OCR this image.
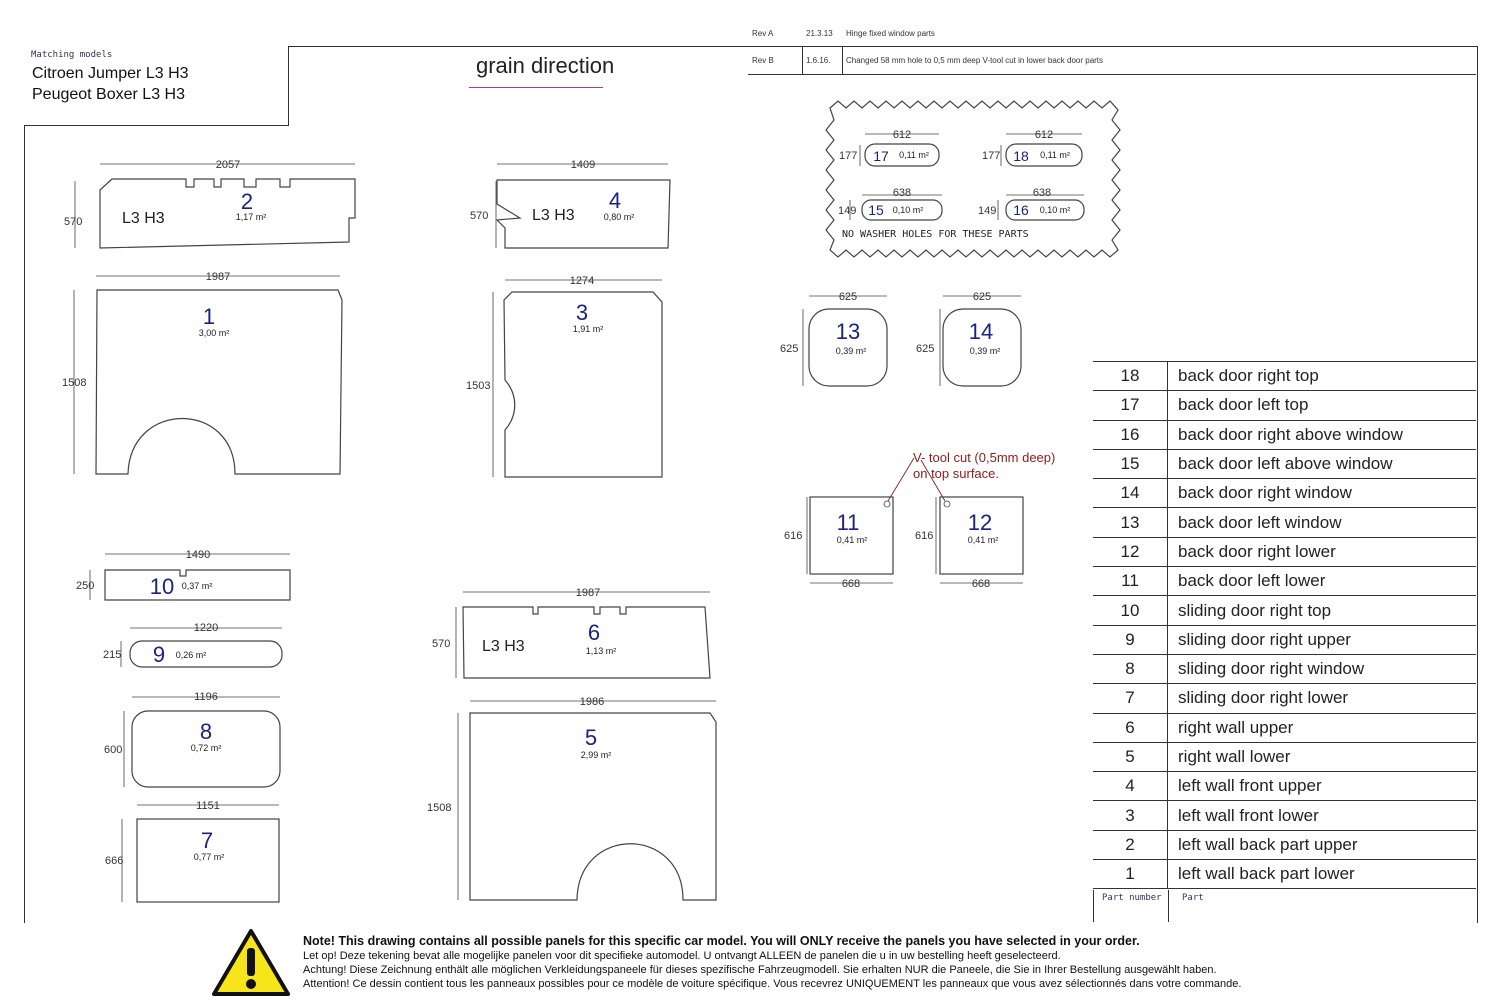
Matching models
Citroen Jumper L3 H3
Peugeot Boxer L3 H3
grain direction
Rev A	21.3.13 Hinge fixed window parts
Rev B	1.6.16. Changed 58 mm hole to 0,5 mm deep V-tool cut in lower back door parts
2057
570 L3 H3
2
1,17 m²
1409
570	L3 H3
4
0,80 m²
1987
1508
1
3,00 m²
1274
1503
3
1,91 m²
1490
250	10 0,37 m²
1220
215 9 0,26 m²
1196
600
8
0,72 m²
1151
666
7
0,77 m²
1987
570 L3 H3
6
1,13 m²
1986
1508
5
2,99 m²
NO WASHER HOLES FOR THESE PARTS
612
177 17 0,11 m²
612
177 18 0,11 m²
638
149 15 0,10 m²
638
149 16 0,10 m²
625
625
13
0,39 m²
625
625
14
0,39 m²
V- tool cut (0,5mm deep)
on top surface.
668
616
11
0,41 m²
668
616
12
0,41 m²
18	back door right top
17	back door left top
16	back door right above window
15	back door left above window
14	back door right window
13	back door left window
12	back door right lower
11	back door left lower
10	sliding door right top
9	sliding door right upper
8	sliding door right window
7	sliding door right lower
6	right wall upper
5	right wall lower
4	left wall front upper
3	left wall front lower
2	left wall back part upper
1	left wall back part lower
Part number Part
Note! This drawing contains all possible panels for this specific car model. You will ONLY receive the panels you have selected in your order.
Let op! Deze tekening bevat alle mogelijke panelen voor dit specifieke automodel. U ontvangt ALLEEN de panelen die u in uw bestelling heeft geselecteerd.
Achtung! Diese Zeichnung enthält alle möglichen Verkleidungspaneele für dieses spezifische Fahrzeugmodell. Sie erhalten NUR die Paneele, die Sie in Ihrer Bestellung ausgewählt haben.
Attention! Ce dessin contient tous les panneaux possibles pour ce modèle de voiture spécifique. Vous recevrez UNIQUEMENT les panneaux que vous avez sélectionnés dans votre commande.
